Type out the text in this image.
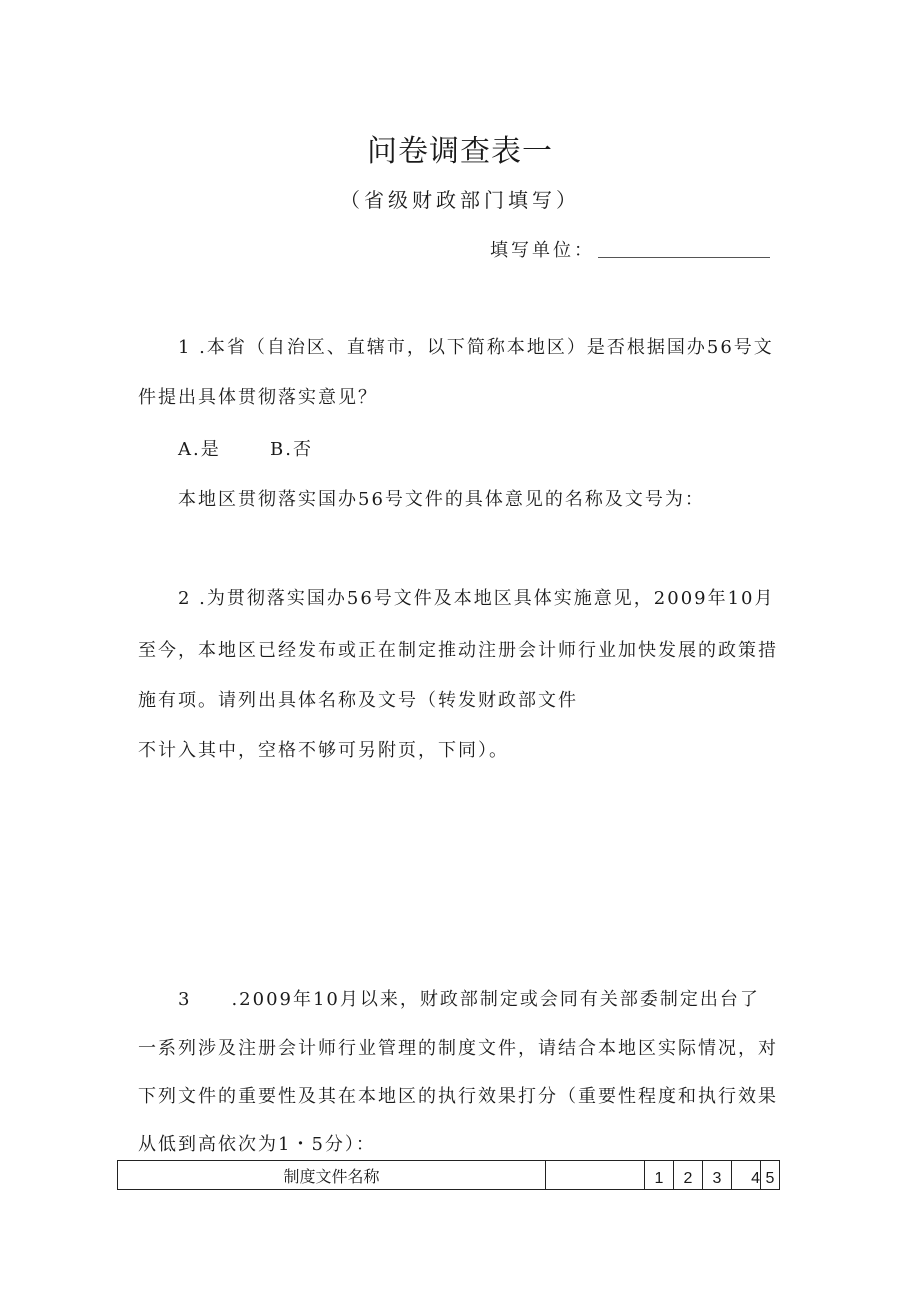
问卷调查表一
（省级财政部门填写）
填写单位：
1 .本省（自治区、直辖市，以下简称本地区）是否根据国办56号文
件提出具体贯彻落实意见？
A.是	B.否
本地区贯彻落实国办56号文件的具体意见的名称及文号为：
2 .为贯彻落实国办56号文件及本地区具体实施意见，2009年10月
至今，本地区已经发布或正在制定推动注册会计师行业加快发展的政策措
施有项。请列出具体名称及文号（转发财政部文件
不计入其中，空格不够可另附页，下同）。
3　　.2009年10月以来，财政部制定或会同有关部委制定出台了
一系列涉及注册会计师行业管理的制度文件，请结合本地区实际情况，对
下列文件的重要性及其在本地区的执行效果打分（重要性程度和执行效果
从低到高依次为1・5分）：
制度文件名称		1	2	3	4	5
